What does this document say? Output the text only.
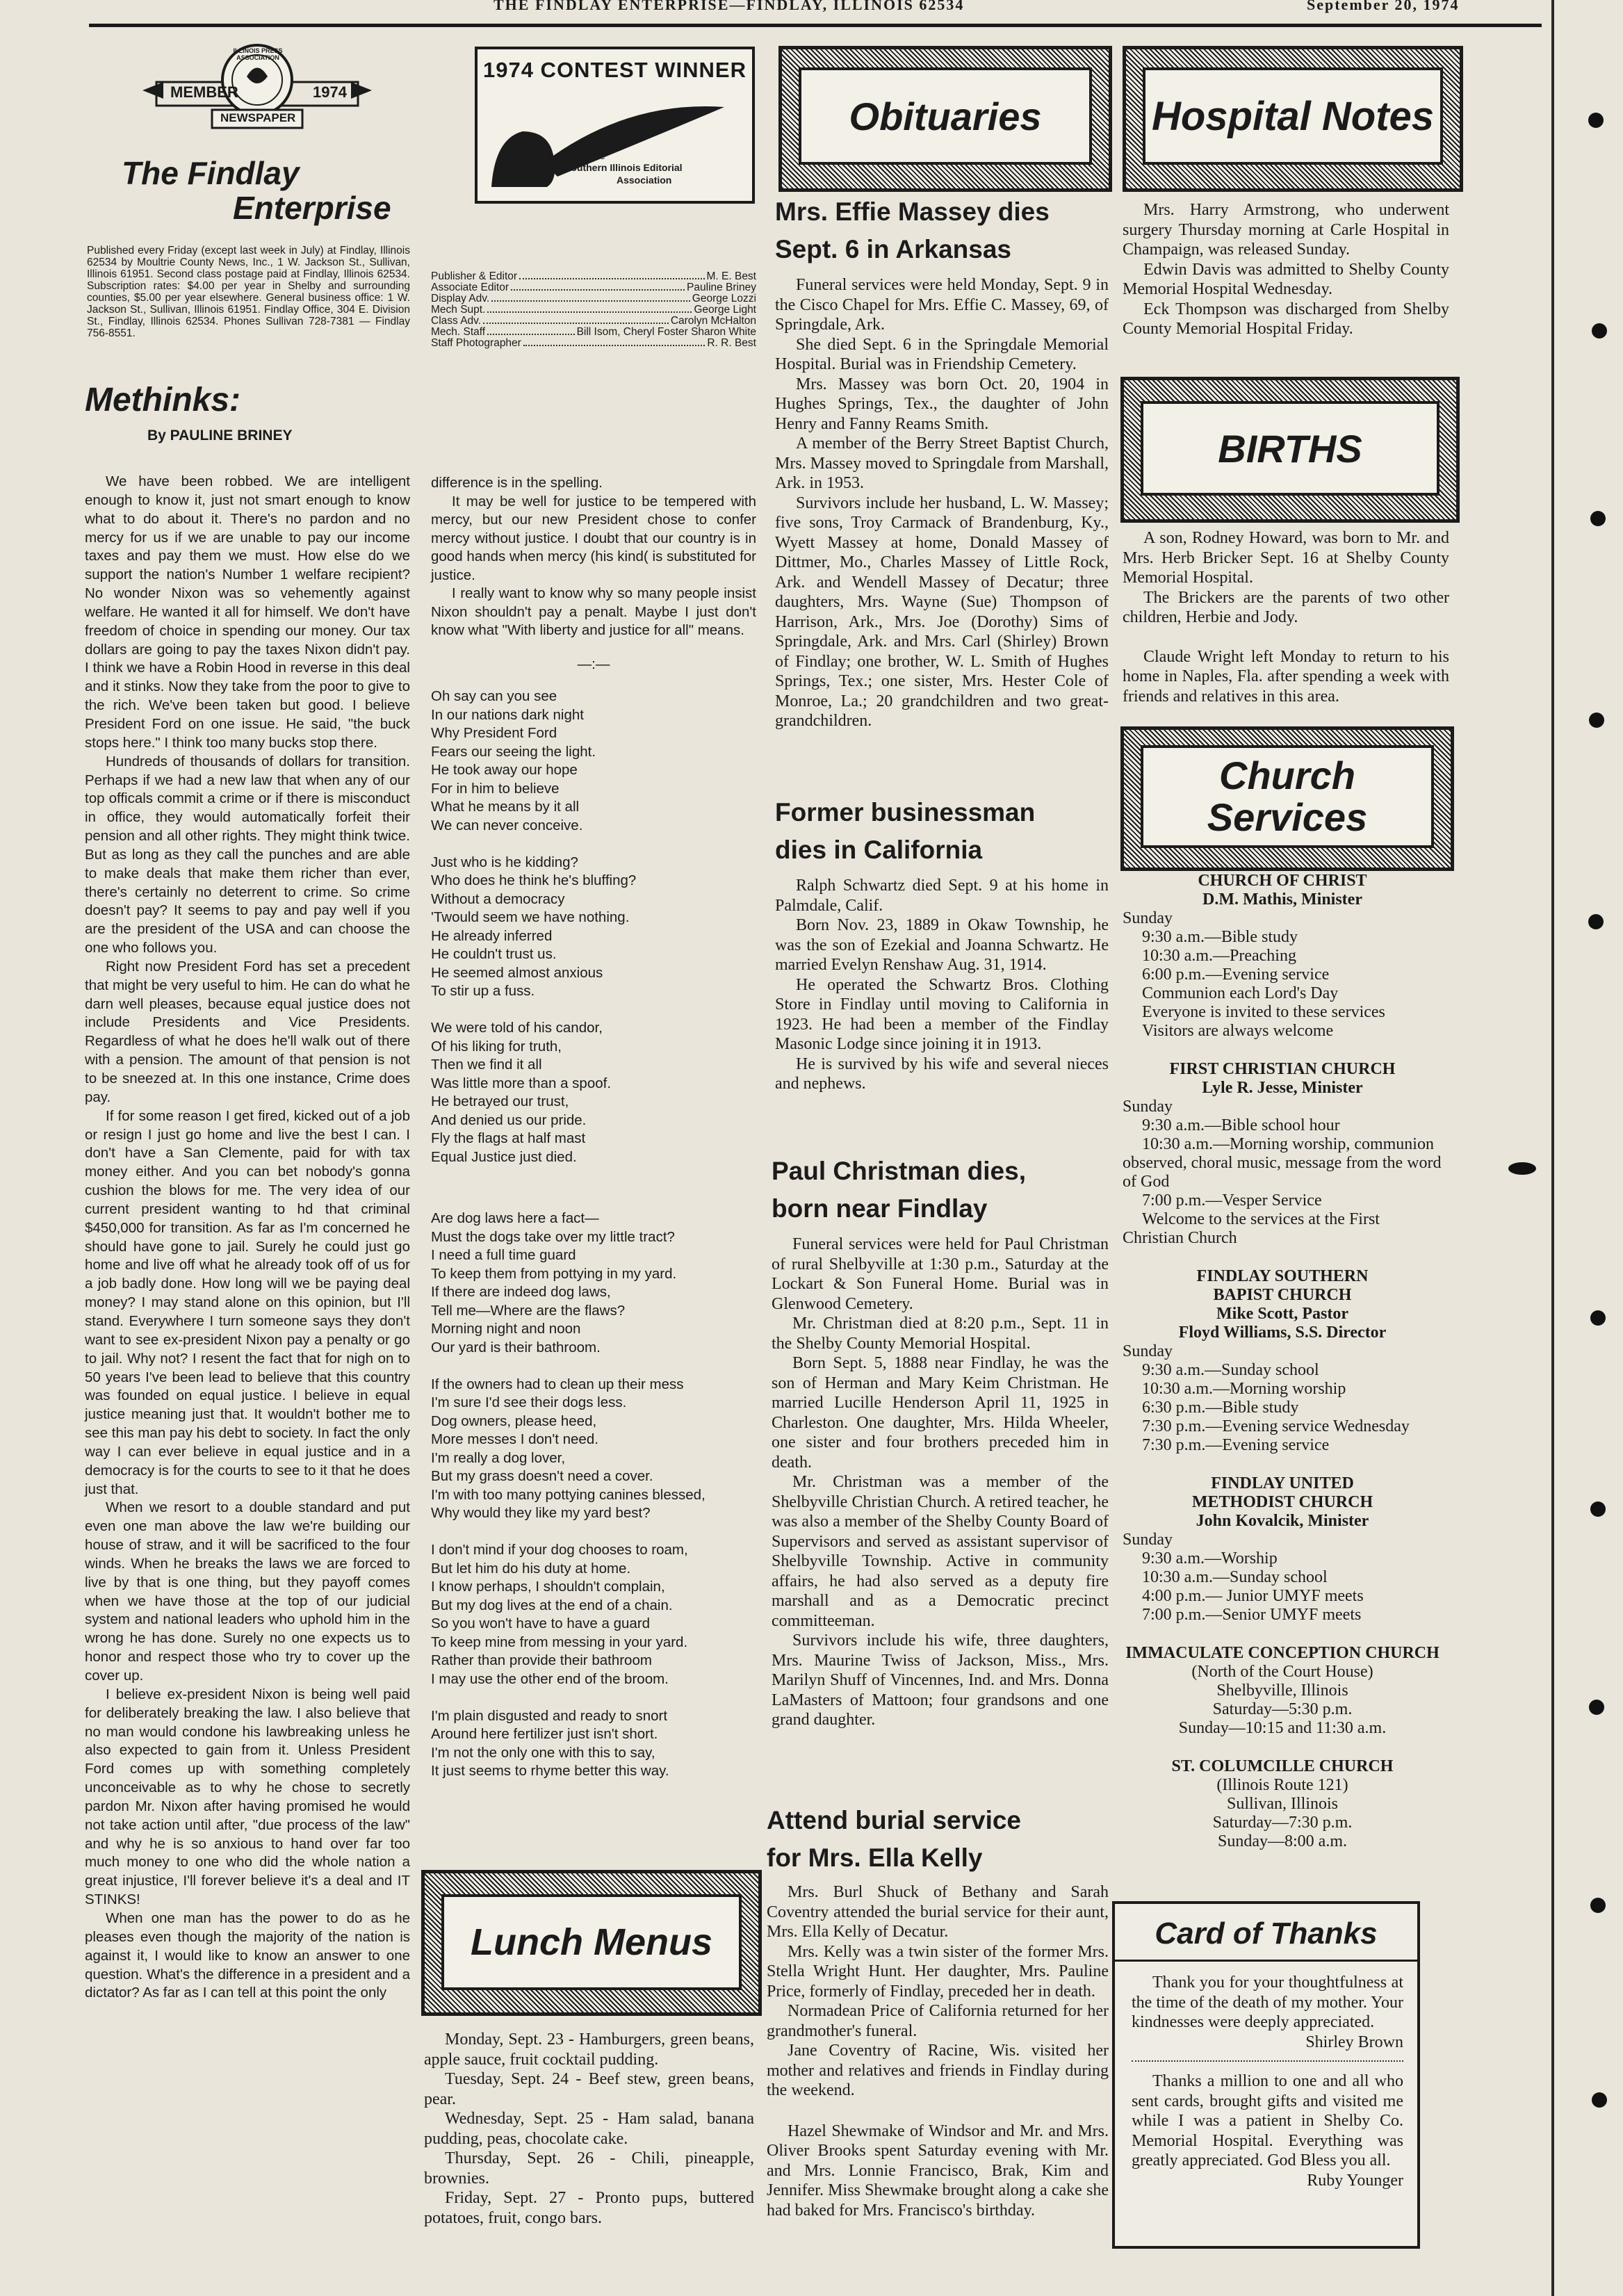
THE FINDLAY ENTERPRISE—FINDLAY, ILLINOIS 62534	September 20, 1974
MEMBER	1974
NEWSPAPER
ILLINOIS PRESS ASSOCIATION
The Findlay
Enterprise
Published every Friday (except last week in July) at Findlay, Illinois 62534 by Moultrie County News, Inc., 1 W. Jackson St., Sullivan, Illinois 61951. Second class postage paid at Findlay, Illinois 62534. Subscription rates: $4.00 per year in Shelby and surrounding counties, $5.00 per year elsewhere. General business office: 1 W. Jackson St., Sullivan, Illinois 61951. Findlay Office, 304 E. Division St., Findlay, Illinois 62534. Phones Sullivan 728-7381 — Findlay 756-8551.
1974 CONTEST WINNER
The
Southern Illinois Editorial
Association
Publisher & Editor	M. E. Best
Associate Editor	Pauline Briney
Display Adv.	George Lozzi
Mech Supt.	George Light
Class Adv.	Carolyn McHalton
Mech. Staff	Bill Isom, Cheryl Foster Sharon White
Staff Photographer	R. R. Best
Methinks:
By PAULINE BRINEY

We have been robbed. We are intelligent enough to know it, just not smart enough to know what to do about it. There's no pardon and no mercy for us if we are unable to pay our income taxes and pay them we must. How else do we support the nation's Number 1 welfare recipient? No wonder Nixon was so vehemently against welfare. He wanted it all for himself. We don't have freedom of choice in spending our money. Our tax dollars are going to pay the taxes Nixon didn't pay. I think we have a Robin Hood in reverse in this deal and it stinks. Now they take from the poor to give to the rich. We've been taken but good. I believe President Ford on one issue. He said, "the buck stops here." I think too many bucks stop there.

Hundreds of thousands of dollars for transition. Perhaps if we had a new law that when any of our top officals commit a crime or if there is misconduct in office, they would automatically forfeit their pension and all other rights. They might think twice. But as long as they call the punches and are able to make deals that make them richer than ever, there's certainly no deterrent to crime. So crime doesn't pay? It seems to pay and pay well if you are the president of the USA and can choose the one who follows you.

Right now President Ford has set a precedent that might be very useful to him. He can do what he darn well pleases, because equal justice does not include Presidents and Vice Presidents. Regardless of what he does he'll walk out of there with a pension. The amount of that pension is not to be sneezed at. In this one instance, Crime does pay.

If for some reason I get fired, kicked out of a job or resign I just go home and live the best I can. I don't have a San Clemente, paid for with tax money either. And you can bet nobody's gonna cushion the blows for me. The very idea of our current president wanting to hd that criminal $450,000 for transition. As far as I'm concerned he should have gone to jail. Surely he could just go home and live off what he already took off of us for a job badly done. How long will we be paying deal money? I may stand alone on this opinion, but I'll stand. Everywhere I turn someone says they don't want to see ex-president Nixon pay a penalty or go to jail. Why not? I resent the fact that for nigh on to 50 years I've been lead to believe that this country was founded on equal justice. I believe in equal justice meaning just that. It wouldn't bother me to see this man pay his debt to society. In fact the only way I can ever believe in equal justice and in a democracy is for the courts to see to it that he does just that.

When we resort to a double standard and put even one man above the law we're building our house of straw, and it will be sacrificed to the four winds. When he breaks the laws we are forced to live by that is one thing, but they payoff comes when we have those at the top of our judicial system and national leaders who uphold him in the wrong he has done. Surely no one expects us to honor and respect those who try to cover up the cover up.

I believe ex-president Nixon is being well paid for deliberately breaking the law. I also believe that no man would condone his lawbreaking unless he also expected to gain from it. Unless President Ford comes up with something completely unconceivable as to why he chose to secretly pardon Mr. Nixon after having promised he would not take action until after, "due process of the law" and why he is so anxious to hand over far too much money to one who did the whole nation a great injustice, I'll forever believe it's a deal and IT STINKS!

When one man has the power to do as he pleases even though the majority of the nation is against it, I would like to know an answer to one question. What's the difference in a president and a dictator? As far as I can tell at this point the only

difference is in the spelling.

It may be well for justice to be tempered with mercy, but our new President chose to confer mercy without justice. I doubt that our country is in good hands when mercy (his kind( is substituted for justice.

I really want to know why so many people insist Nixon shouldn't pay a penalt. Maybe I just don't know what "With liberty and justice for all" means.

—:—

Oh say can you see

In our nations dark night

Why President Ford

Fears our seeing the light.

He took away our hope

For in him to believe

What he means by it all

We can never conceive.

Just who is he kidding?

Who does he think he's bluffing?

Without a democracy

'Twould seem we have nothing.

He already inferred

He couldn't trust us.

He seemed almost anxious

To stir up a fuss.

We were told of his candor,

Of his liking for truth,

Then we find it all

Was little more than a spoof.

He betrayed our trust,

And denied us our pride.

Fly the flags at half mast

Equal Justice just died.

Are dog laws here a fact—

Must the dogs take over my little tract?

I need a full time guard

To keep them from pottying in my yard.

If there are indeed dog laws,

Tell me—Where are the flaws?

Morning night and noon

Our yard is their bathroom.

If the owners had to clean up their mess

I'm sure I'd see their dogs less.

Dog owners, please heed,

More messes I don't need.

I'm really a dog lover,

But my grass doesn't need a cover.

I'm with too many pottying canines blessed,

Why would they like my yard best?

I don't mind if your dog chooses to roam,

But let him do his duty at home.

I know perhaps, I shouldn't complain,

But my dog lives at the end of a chain.

So you won't have to have a guard

To keep mine from messing in your yard.

Rather than provide their bathroom

I may use the other end of the broom.

I'm plain disgusted and ready to snort

Around here fertilizer just isn't short.

I'm not the only one with this to say,

It just seems to rhyme better this way.

Lunch Menus

Monday, Sept. 23 - Hamburgers, green beans, apple sauce, fruit cocktail pudding.

Tuesday, Sept. 24 - Beef stew, green beans, pear.

Wednesday, Sept. 25 - Ham salad, banana pudding, peas, chocolate cake.

Thursday, Sept. 26 - Chili, pineapple, brownies.

Friday, Sept. 27 - Pronto pups, buttered potatoes, fruit, congo bars.

Obituaries
Mrs. Effie Massey dies
Sept. 6 in Arkansas

Funeral services were held Monday, Sept. 9 in the Cisco Chapel for Mrs. Effie C. Massey, 69, of Springdale, Ark.

She died Sept. 6 in the Springdale Memorial Hospital. Burial was in Friendship Cemetery.

Mrs. Massey was born Oct. 20, 1904 in Hughes Springs, Tex., the daughter of John Henry and Fanny Reams Smith.

A member of the Berry Street Baptist Church, Mrs. Massey moved to Springdale from Marshall, Ark. in 1953.

Survivors include her husband, L. W. Massey; five sons, Troy Carmack of Brandenburg, Ky., Wyett Massey at home, Donald Massey of Dittmer, Mo., Charles Massey of Little Rock, Ark. and Wendell Massey of Decatur; three daughters, Mrs. Wayne (Sue) Thompson of Harrison, Ark., Mrs. Joe (Dorothy) Sims of Springdale, Ark. and Mrs. Carl (Shirley) Brown of Findlay; one brother, W. L. Smith of Hughes Springs, Tex.; one sister, Mrs. Hester Cole of Monroe, La.; 20 grandchildren and two great-grandchildren.

Former businessman
dies in California

Ralph Schwartz died Sept. 9 at his home in Palmdale, Calif.

Born Nov. 23, 1889 in Okaw Township, he was the son of Ezekial and Joanna Schwartz. He married Evelyn Renshaw Aug. 31, 1914.

He operated the Schwartz Bros. Clothing Store in Findlay until moving to California in 1923. He had been a member of the Findlay Masonic Lodge since joining it in 1913.

He is survived by his wife and several nieces and nephews.

Paul Christman dies,
born near Findlay

Funeral services were held for Paul Christman of rural Shelbyville at 1:30 p.m., Saturday at the Lockart & Son Funeral Home. Burial was in Glenwood Cemetery.

Mr. Christman died at 8:20 p.m., Sept. 11 in the Shelby County Memorial Hospital.

Born Sept. 5, 1888 near Findlay, he was the son of Herman and Mary Keim Christman. He married Lucille Henderson April 11, 1925 in Charleston. One daughter, Mrs. Hilda Wheeler, one sister and four brothers preceded him in death.

Mr. Christman was a member of the Shelbyville Christian Church. A retired teacher, he was also a member of the Shelby County Board of Supervisors and served as assistant supervisor of Shelbyville Township. Active in community affairs, he had also served as a deputy fire marshall and as a Democratic precinct committeeman.

Survivors include his wife, three daughters, Mrs. Maurine Twiss of Jackson, Miss., Mrs. Marilyn Shuff of Vincennes, Ind. and Mrs. Donna LaMasters of Mattoon; four grandsons and one grand daughter.

Attend burial service
for Mrs. Ella Kelly

Mrs. Burl Shuck of Bethany and Sarah Coventry attended the burial service for their aunt, Mrs. Ella Kelly of Decatur.

Mrs. Kelly was a twin sister of the former Mrs. Stella Wright Hunt. Her daughter, Mrs. Pauline Price, formerly of Findlay, preceded her in death.

Normadean Price of California returned for her grandmother's funeral.

Jane Coventry of Racine, Wis. visited her mother and relatives and friends in Findlay during the weekend.

Hazel Shewmake of Windsor and Mr. and Mrs. Oliver Brooks spent Saturday evening with Mr. and Mrs. Lonnie Francisco, Brak, Kim and Jennifer. Miss Shewmake brought along a cake she had baked for Mrs. Francisco's birthday.

Hospital Notes

Mrs. Harry Armstrong, who underwent surgery Thursday morning at Carle Hospital in Champaign, was released Sunday.

Edwin Davis was admitted to Shelby County Memorial Hospital Wednesday.

Eck Thompson was discharged from Shelby County Memorial Hospital Friday.

BIRTHS

A son, Rodney Howard, was born to Mr. and Mrs. Herb Bricker Sept. 16 at Shelby County Memorial Hospital.

The Brickers are the parents of two other children, Herbie and Jody.

Claude Wright left Monday to return to his home in Naples, Fla. after spending a week with friends and relatives in this area.

Church
Services
CHURCH OF CHRIST
D.M. Mathis, Minister
Sunday
9:30 a.m.—Bible study
10:30 a.m.—Preaching
6:00 p.m.—Evening service
Communion each Lord's Day
Everyone is invited to these services
Visitors are always welcome
FIRST CHRISTIAN CHURCH
Lyle R. Jesse, Minister
Sunday
9:30 a.m.—Bible school hour
10:30 a.m.—Morning worship, communion observed, choral music, message from the word of God
7:00 p.m.—Vesper Service
Welcome to the services at the First Christian Church
FINDLAY SOUTHERN
BAPIST CHURCH
Mike Scott, Pastor
Floyd Williams, S.S. Director
Sunday
9:30 a.m.—Sunday school
10:30 a.m.—Morning worship
6:30 p.m.—Bible study
7:30 p.m.—Evening service Wednesday
7:30 p.m.—Evening service
FINDLAY UNITED
METHODIST CHURCH
John Kovalcik, Minister
Sunday
9:30 a.m.—Worship
10:30 a.m.—Sunday school
4:00 p.m.— Junior UMYF meets
7:00 p.m.—Senior UMYF meets
IMMACULATE CONCEPTION CHURCH
(North of the Court House)
Shelbyville, Illinois
Saturday—5:30 p.m.
Sunday—10:15 and 11:30 a.m.
ST. COLUMCILLE CHURCH
(Illinois Route 121)
Sullivan, Illinois
Saturday—7:30 p.m.
Sunday—8:00 a.m.
Card of Thanks

Thank you for your thoughtfulness at the time of the death of my mother. Your kindnesses were deeply appreciated.

Shirley Brown

Thanks a million to one and all who sent cards, brought gifts and visited me while I was a patient in Shelby Co. Memorial Hospital. Everything was greatly appreciated. God Bless you all.

Ruby Younger
